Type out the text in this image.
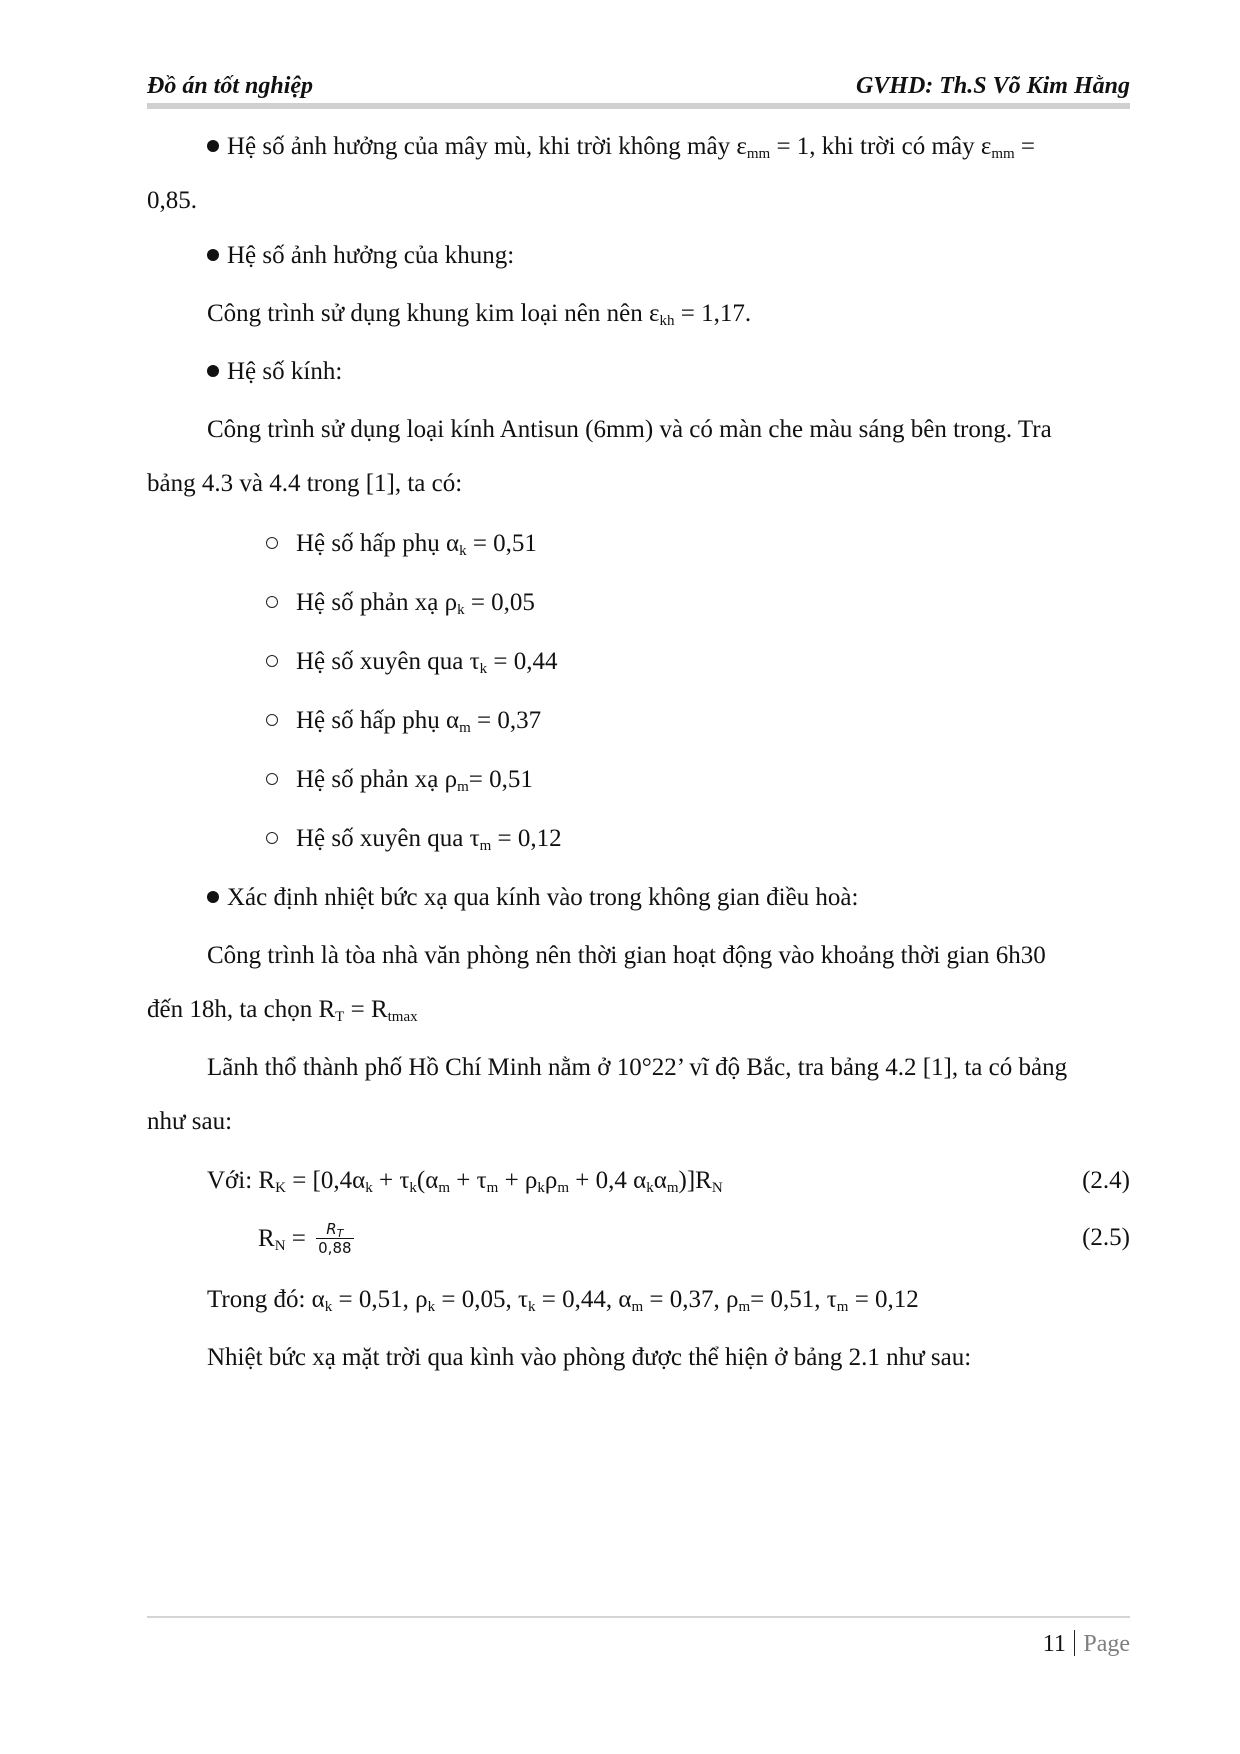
Đồ án tốt nghiệp	GVHD: Th.S Võ Kim Hằng
Hệ số ảnh hưởng của mây mù, khi trời không mây $\varepsilon_{mm} = 1$, khi trời có mây $\varepsilon_{mm}$ =
0,85.
Hệ số ảnh hưởng của khung:
Công trình sử dụng khung kim loại nên nên $\varepsilon_{kh} = 1,17$.
Hệ số kính:
Công trình sử dụng loại kính Antisun (6mm) và có màn che màu sáng bên trong. Tra
bảng 4.3 và 4.4 trong [1], ta có:
Hệ số hấp phụ $\alpha_k = 0,51$
Hệ số phản xạ $\rho_k = 0,05$
Hệ số xuyên qua $\tau_k = 0,44$
Hệ số hấp phụ $\alpha_m = 0,37$
Hệ số phản xạ $\rho_m= 0,51$
Hệ số xuyên qua $\tau_m = 0,12$
Xác định nhiệt bức xạ qua kính vào trong không gian điều hoà:
Công trình là tòa nhà văn phòng nên thời gian hoạt động vào khoảng thời gian 6h30
đến 18h, ta chọn $R_T = R_{tmax}$
Lãnh thổ thành phố Hồ Chí Minh nằm ở 10°22’ vĩ độ Bắc, tra bảng 4.2 [1], ta có bảng
như sau:
Với: $R_K = [0,4\alpha_k + \tau_k(\alpha_m + \tau_m + \rho_k\rho_m + 0,4$ $\alpha_k\alpha_m)]R_N$	(2.4)
$R_N = \frac{R_T}{0,88}$	(2.5)
Trong đó: $\alpha_k = 0,51$, $\rho_k = 0,05$, $\tau_k = 0,44$, $\alpha_m = 0,37$, $\rho_m= 0,51$, $\tau_m = 0,12$
Nhiệt bức xạ mặt trời qua kình vào phòng được thể hiện ở bảng 2.1 như sau:
11 Page
